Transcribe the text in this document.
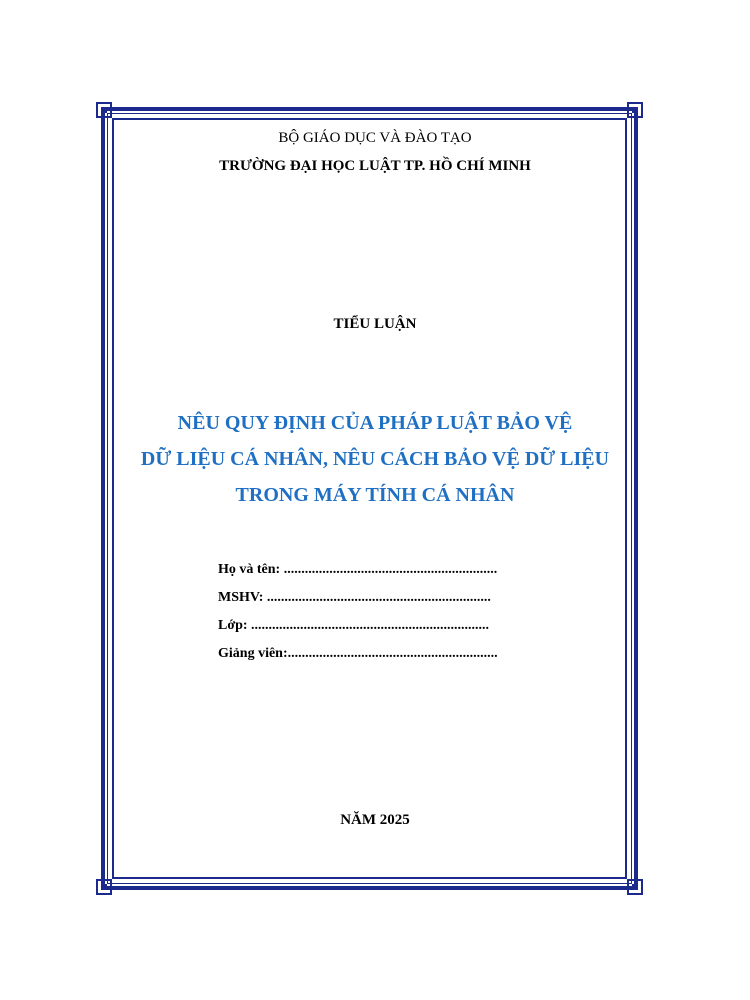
BỘ GIÁO DỤC VÀ ĐÀO TẠO
TRƯỜNG ĐẠI HỌC LUẬT TP. HỒ CHÍ MINH
TIỂU LUẬN
NÊU QUY ĐỊNH CỦA PHÁP LUẬT BẢO VỆ
DỮ LIỆU CÁ NHÂN, NÊU CÁCH BẢO VỆ DỮ LIỆU
TRONG MÁY TÍNH CÁ NHÂN
Họ và tên: .............................................................
MSHV: ................................................................
Lớp: ....................................................................
Giảng viên:............................................................
NĂM 2025
